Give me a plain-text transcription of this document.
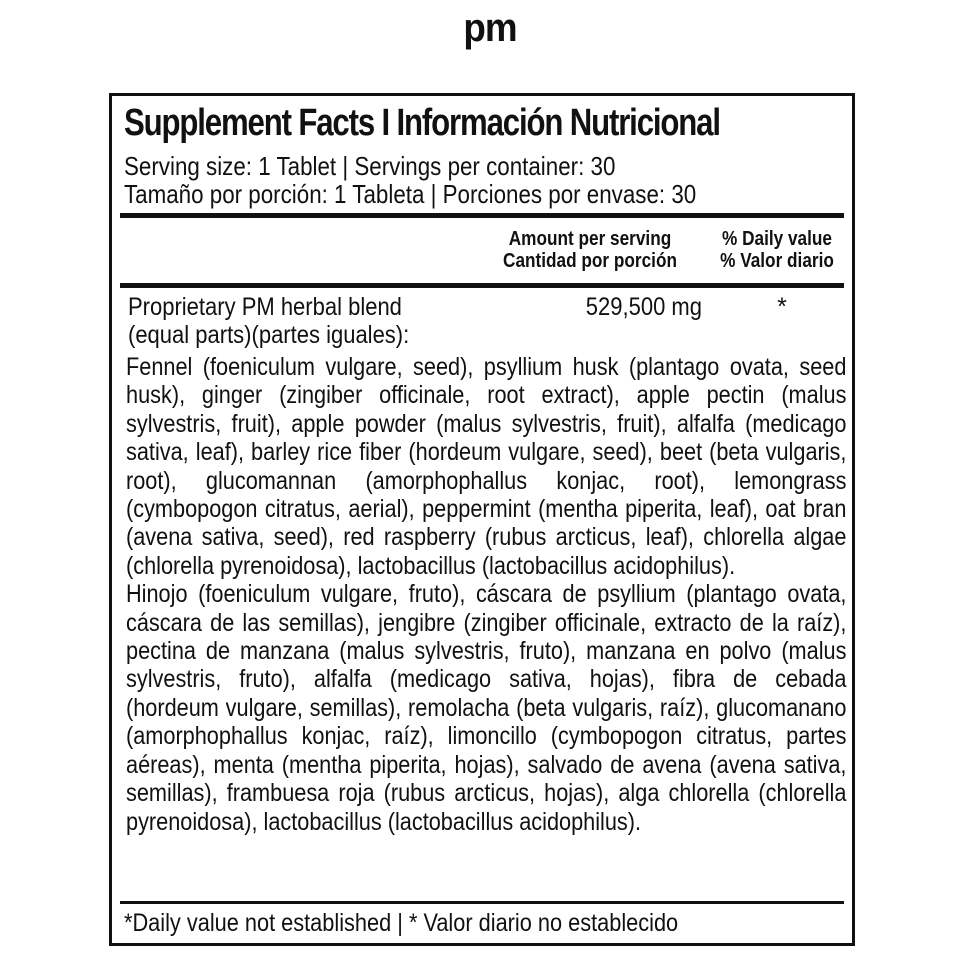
pm
Supplement Facts I Información Nutricional
Serving size: 1 Tablet | Servings per container: 30
Tamaño por porción: 1 Tableta | Porciones por envase: 30
Amount per serving
Cantidad por porción
% Daily value
% Valor diario
Proprietary PM herbal blend
(equal parts)(partes iguales):
529,500 mg	*

Fennel (foeniculum vulgare, seed), psyllium husk (plantago ovata, seed husk), ginger (zingiber officinale, root extract), apple pectin (malus sylvestris, fruit), apple powder (malus sylvestris, fruit), alfalfa (medicago sativa, leaf), barley rice fiber (hordeum vulgare, seed), beet (beta vulgaris, root), glucomannan (amorphophallus konjac, root), lemongrass (cymbopogon citratus, aerial), peppermint (mentha piperita, leaf), oat bran (avena sativa, seed), red raspberry (rubus arcticus, leaf), chlorella algae (chlorella pyrenoidosa), lactobacillus (lactobacillus acidophilus).

Hinojo (foeniculum vulgare, fruto), cáscara de psyllium (plantago ovata, cáscara de las semillas), jengibre (zingiber officinale, extracto de la raíz), pectina de manzana (malus sylvestris, fruto), manzana en polvo (malus sylvestris, fruto), alfalfa (medicago sativa, hojas), fibra de cebada (hordeum vulgare, semillas), remolacha (beta vulgaris, raíz), glucomanano (amorphophallus konjac, raíz), limoncillo (cymbopogon citratus, partes aéreas), menta (mentha piperita, hojas), salvado de avena (avena sativa, semillas), frambuesa roja (rubus arcticus, hojas), alga chlorella (chlorella pyrenoidosa), lactobacillus (lactobacillus acidophilus).

*Daily value not established | * Valor diario no establecido
